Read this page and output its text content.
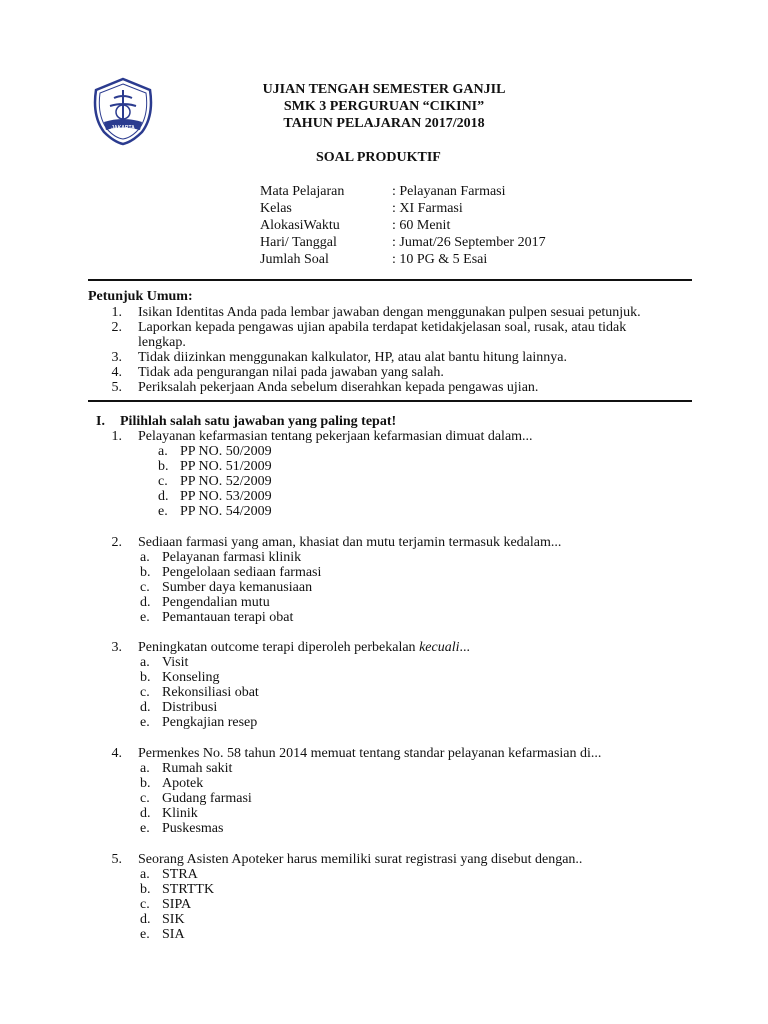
JAKARTA
UJIAN TENGAH SEMESTER GANJIL
SMK 3 PERGURUAN “CIKINI”
TAHUN PELAJARAN 2017/2018
SOAL PRODUKTIF
Mata Pelajaran	: Pelayanan Farmasi
Kelas	: XI Farmasi
AlokasiWaktu	: 60 Menit
Hari/ Tanggal	: Jumat/26 September 2017
Jumlah Soal	: 10 PG & 5 Esai
Petunjuk Umum:
1. Isikan Identitas Anda pada lembar jawaban dengan menggunakan pulpen sesuai petunjuk.
2. Laporkan kepada pengawas ujian apabila terdapat ketidakjelasan soal, rusak, atau tidak
lengkap.
3. Tidak diizinkan menggunakan kalkulator, HP, atau alat bantu hitung lainnya.
4. Tidak ada pengurangan nilai pada jawaban yang salah.
5. Periksalah pekerjaan Anda sebelum diserahkan kepada pengawas ujian.
I. Pilihlah salah satu jawaban yang paling tepat!
1. Pelayanan kefarmasian tentang pekerjaan kefarmasian dimuat dalam...
a. PP NO. 50/2009
b. PP NO. 51/2009
c. PP NO. 52/2009
d. PP NO. 53/2009
e. PP NO. 54/2009
2. Sediaan farmasi yang aman, khasiat dan mutu terjamin termasuk kedalam...
a. Pelayanan farmasi klinik
b. Pengelolaan sediaan farmasi
c. Sumber daya kemanusiaan
d. Pengendalian mutu
e. Pemantauan terapi obat
3. Peningkatan outcome terapi diperoleh perbekalan kecuali...
a. Visit
b. Konseling
c. Rekonsiliasi obat
d. Distribusi
e. Pengkajian resep
4. Permenkes No. 58 tahun 2014 memuat tentang standar pelayanan kefarmasian di...
a. Rumah sakit
b. Apotek
c. Gudang farmasi
d. Klinik
e. Puskesmas
5. Seorang Asisten Apoteker harus memiliki surat registrasi yang disebut dengan..
a. STRA
b. STRTTK
c. SIPA
d. SIK
e. SIA
